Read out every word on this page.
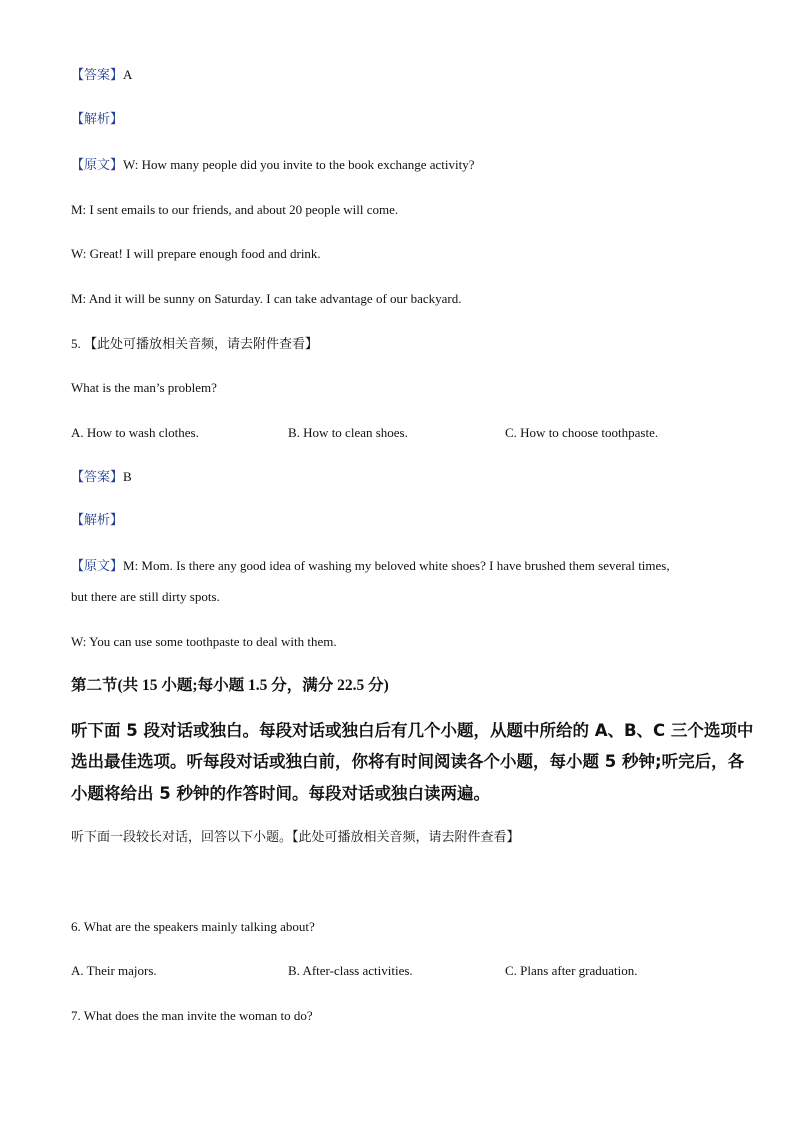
【答案】A
【解析】
【原文】W: How many people did you invite to the book exchange activity?
M: I sent emails to our friends, and about 20 people will come.
W: Great! I will prepare enough food and drink.
M: And it will be sunny on Saturday. I can take advantage of our backyard.
5. 【此处可播放相关音频，请去附件查看】
What is the man’s problem?
A. How to wash clothes.	B. How to clean shoes.	C. How to choose toothpaste.
【答案】B
【解析】
【原文】M: Mom. Is there any good idea of washing my beloved white shoes? I have brushed them several times,
but there are still dirty spots.
W: You can use some toothpaste to deal with them.
第二节(共 15 小题;每小题 1.5 分，满分 22.5 分)
听下面 5 段对话或独白。每段对话或独白后有几个小题，从题中所给的 A、B、C 三个选项中
选出最佳选项。听每段对话或独白前，你将有时间阅读各个小题，每小题 5 秒钟;听完后，各
小题将给出 5 秒钟的作答时间。每段对话或独白读两遍。
听下面一段较长对话，回答以下小题。【此处可播放相关音频，请去附件查看】
6. What are the speakers mainly talking about?
A. Their majors.	B. After-class activities.	C. Plans after graduation.
7. What does the man invite the woman to do?
